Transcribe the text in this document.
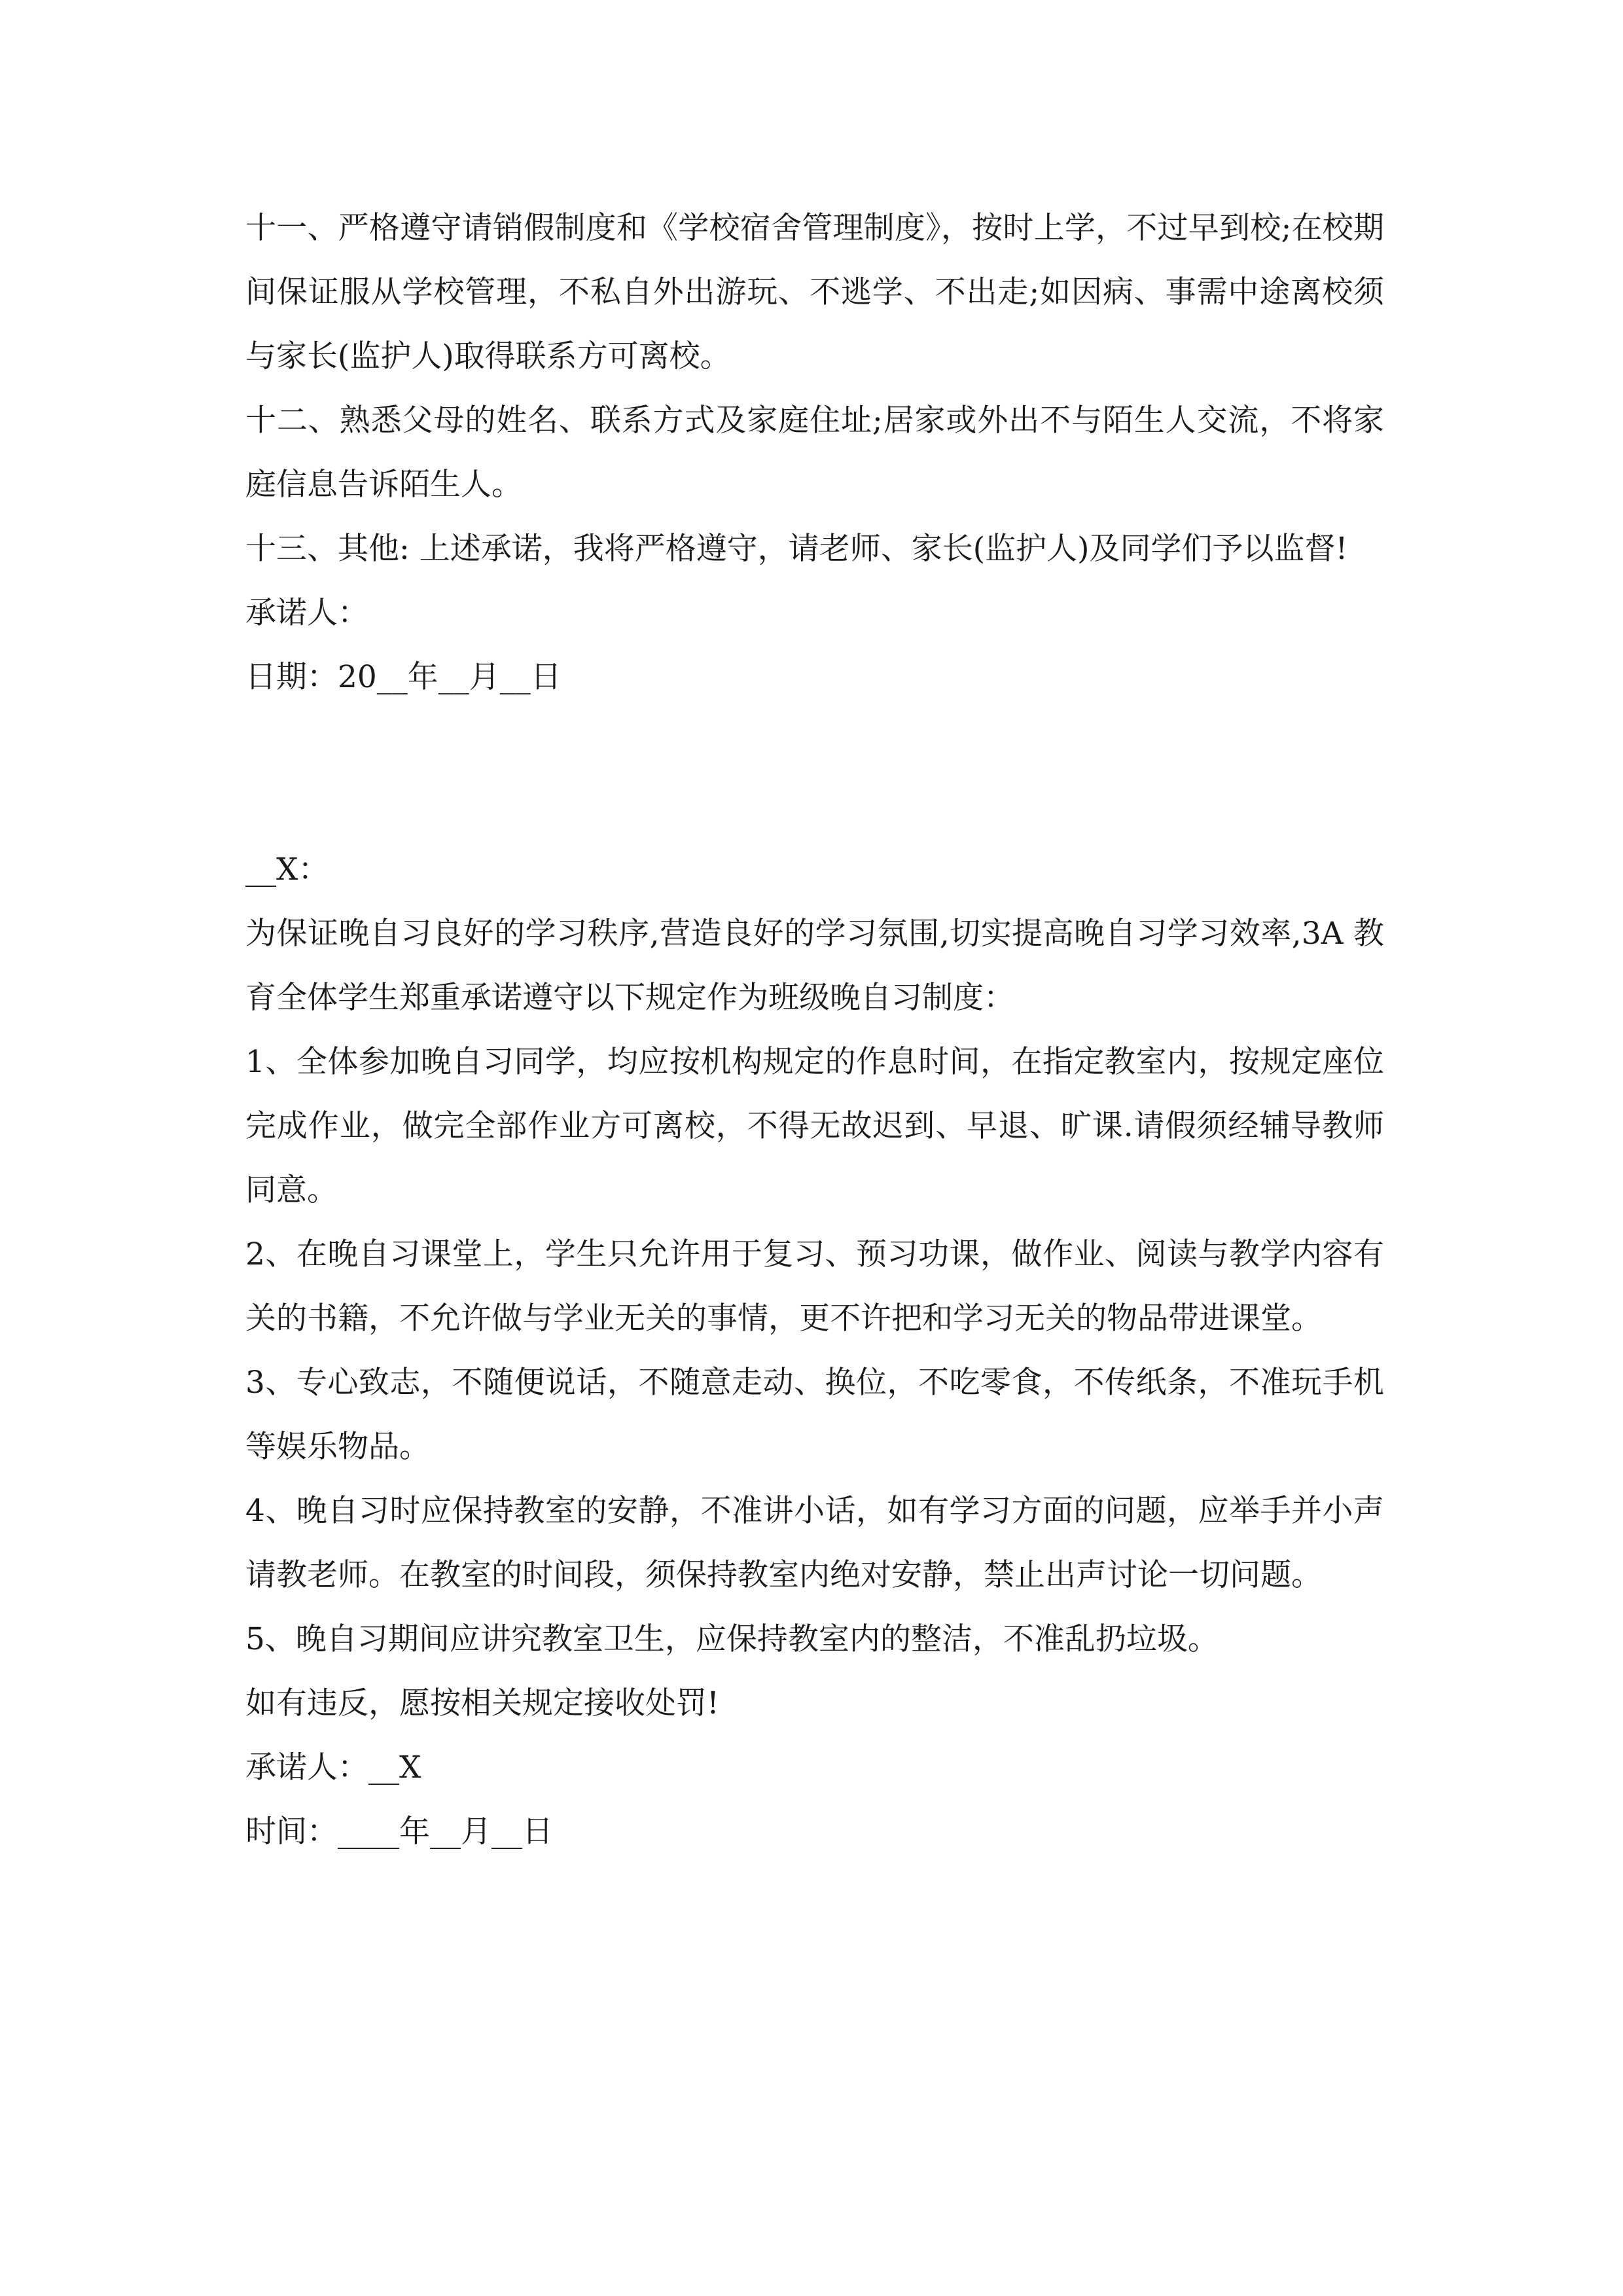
十一、严格遵守请销假制度和《学校宿舍管理制度》，按时上学，不过早到校;在校期间保证服从学校管理，不私自外出游玩、不逃学、不出走;如因病、事需中途离校须与家长(监护人)取得联系方可离校。

十二、熟悉父母的姓名、联系方式及家庭住址;居家或外出不与陌生人交流，不将家庭信息告诉陌生人。

十三、其他: 上述承诺，我将严格遵守，请老师、家长(监护人)及同学们予以监督!

承诺人：

日期：20__年__月__日

__X：

为保证晚自习良好的学习秩序,营造良好的学习氛围,切实提高晚自习学习效率,3A 教育全体学生郑重承诺遵守以下规定作为班级晚自习制度：

1、全体参加晚自习同学，均应按机构规定的作息时间，在指定教室内，按规定座位完成作业，做完全部作业方可离校，不得无故迟到、早退、旷课.请假须经辅导教师同意。

2、在晚自习课堂上，学生只允许用于复习、预习功课，做作业、阅读与教学内容有关的书籍，不允许做与学业无关的事情，更不许把和学习无关的物品带进课堂。

3、专心致志，不随便说话，不随意走动、换位，不吃零食，不传纸条，不准玩手机等娱乐物品。

4、晚自习时应保持教室的安静，不准讲小话，如有学习方面的问题，应举手并小声请教老师。在教室的时间段，须保持教室内绝对安静，禁止出声讨论一切问题。

5、晚自习期间应讲究教室卫生，应保持教室内的整洁，不准乱扔垃圾。

如有违反，愿按相关规定接收处罚!

承诺人：__X

时间：____年__月__日
